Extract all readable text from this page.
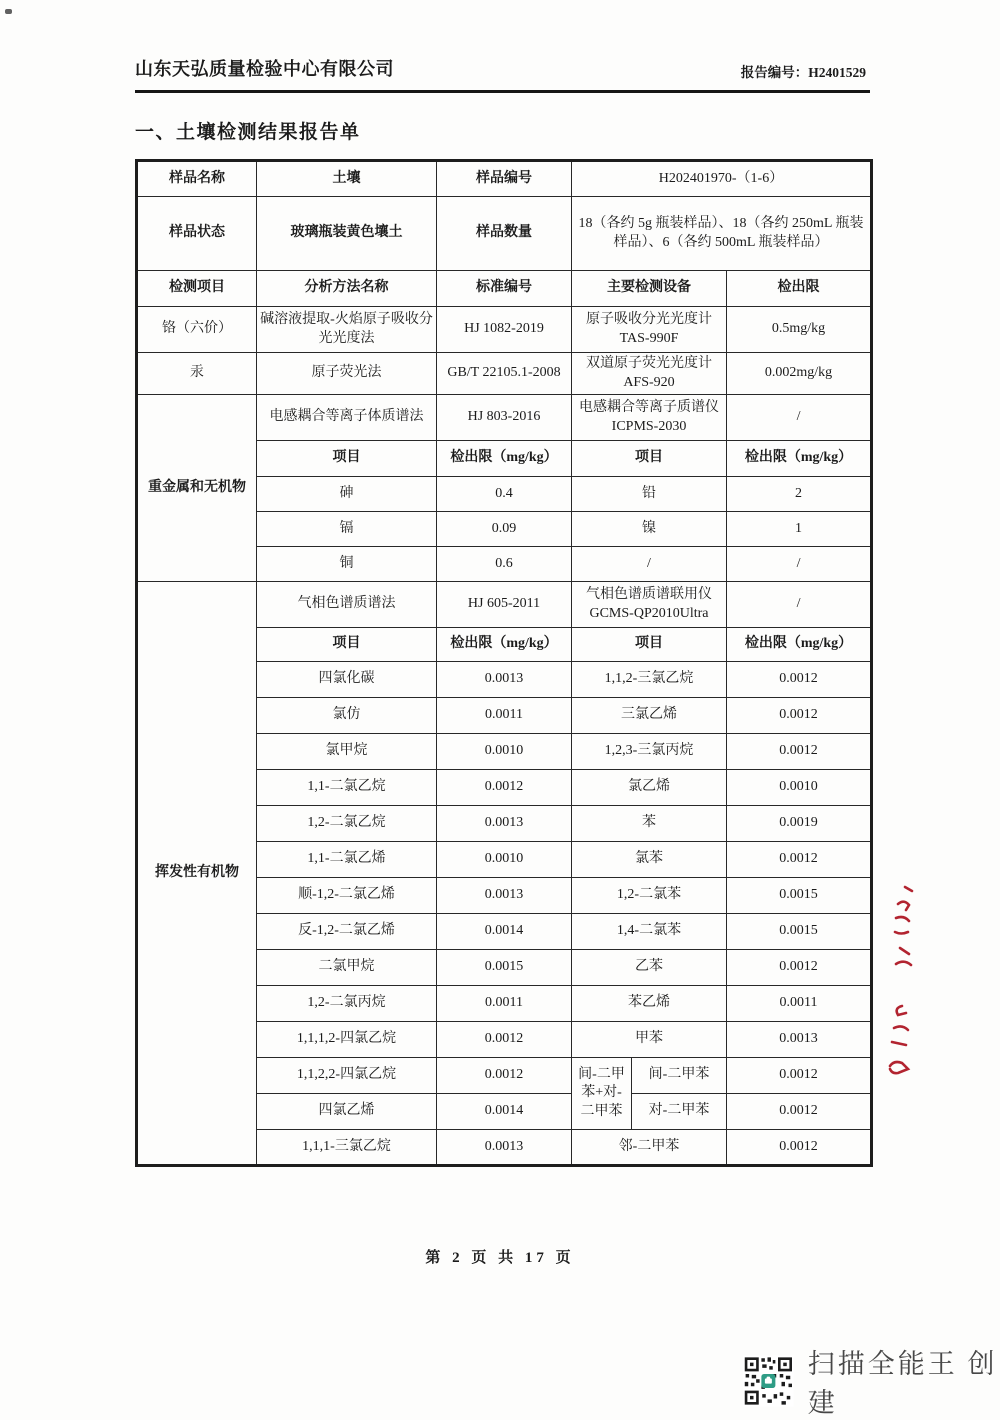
山东天弘质量检验中心有限公司	报告编号：H2401529
一、土壤检测结果报告单
样品名称	土壤	样品编号	H202401970-（1-6）		
样品状态	玻璃瓶装黄色壤土	样品数量	18（各约 5g 瓶装样品）、18（各约 250mL 瓶装样品）、6（各约 500mL 瓶装样品）		
检测项目	分析方法名称	标准编号	主要检测设备		检出限
铬（六价）	碱溶液提取-火焰原子吸收分光光度法	HJ 1082-2019	原子吸收分光光度计 TAS-990F		0.5mg/kg
汞	原子荧光法	GB/T 22105.1-2008	双道原子荧光光度计 AFS-920		0.002mg/kg
重金属和无机物	电感耦合等离子体质谱法	HJ 803-2016	电感耦合等离子质谱仪 ICPMS-2030		/
	项目	检出限（mg/kg）	项目		检出限（mg/kg）
	砷	0.4	铅		2
	镉	0.09	镍		1
	铜	0.6	/		/
挥发性有机物	气相色谱质谱法	HJ 605-2011	气相色谱质谱联用仪GCMS-QP2010Ultra		/
	项目	检出限（mg/kg）	项目		检出限（mg/kg）
	四氯化碳	0.0013	1,1,2-三氯乙烷		0.0012
	氯仿	0.0011	三氯乙烯		0.0012
	氯甲烷	0.0010	1,2,3-三氯丙烷		0.0012
	1,1-二氯乙烷	0.0012	氯乙烯		0.0010
	1,2-二氯乙烷	0.0013	苯		0.0019
	1,1-二氯乙烯	0.0010	氯苯		0.0012
	顺-1,2-二氯乙烯	0.0013	1,2-二氯苯		0.0015
	反-1,2-二氯乙烯	0.0014	1,4-二氯苯		0.0015
	二氯甲烷	0.0015	乙苯		0.0012
	1,2-二氯丙烷	0.0011	苯乙烯		0.0011
	1,1,1,2-四氯乙烷	0.0012	甲苯		0.0013
	1,1,2,2-四氯乙烷	0.0012	间-二甲苯+对-二甲苯	间-二甲苯	0.0012
	四氯乙烯	0.0014		对-二甲苯	0.0012
	1,1,1-三氯乙烷	0.0013	邻-二甲苯		0.0012
第 2 页 共 17 页
扫描全能王 创建
